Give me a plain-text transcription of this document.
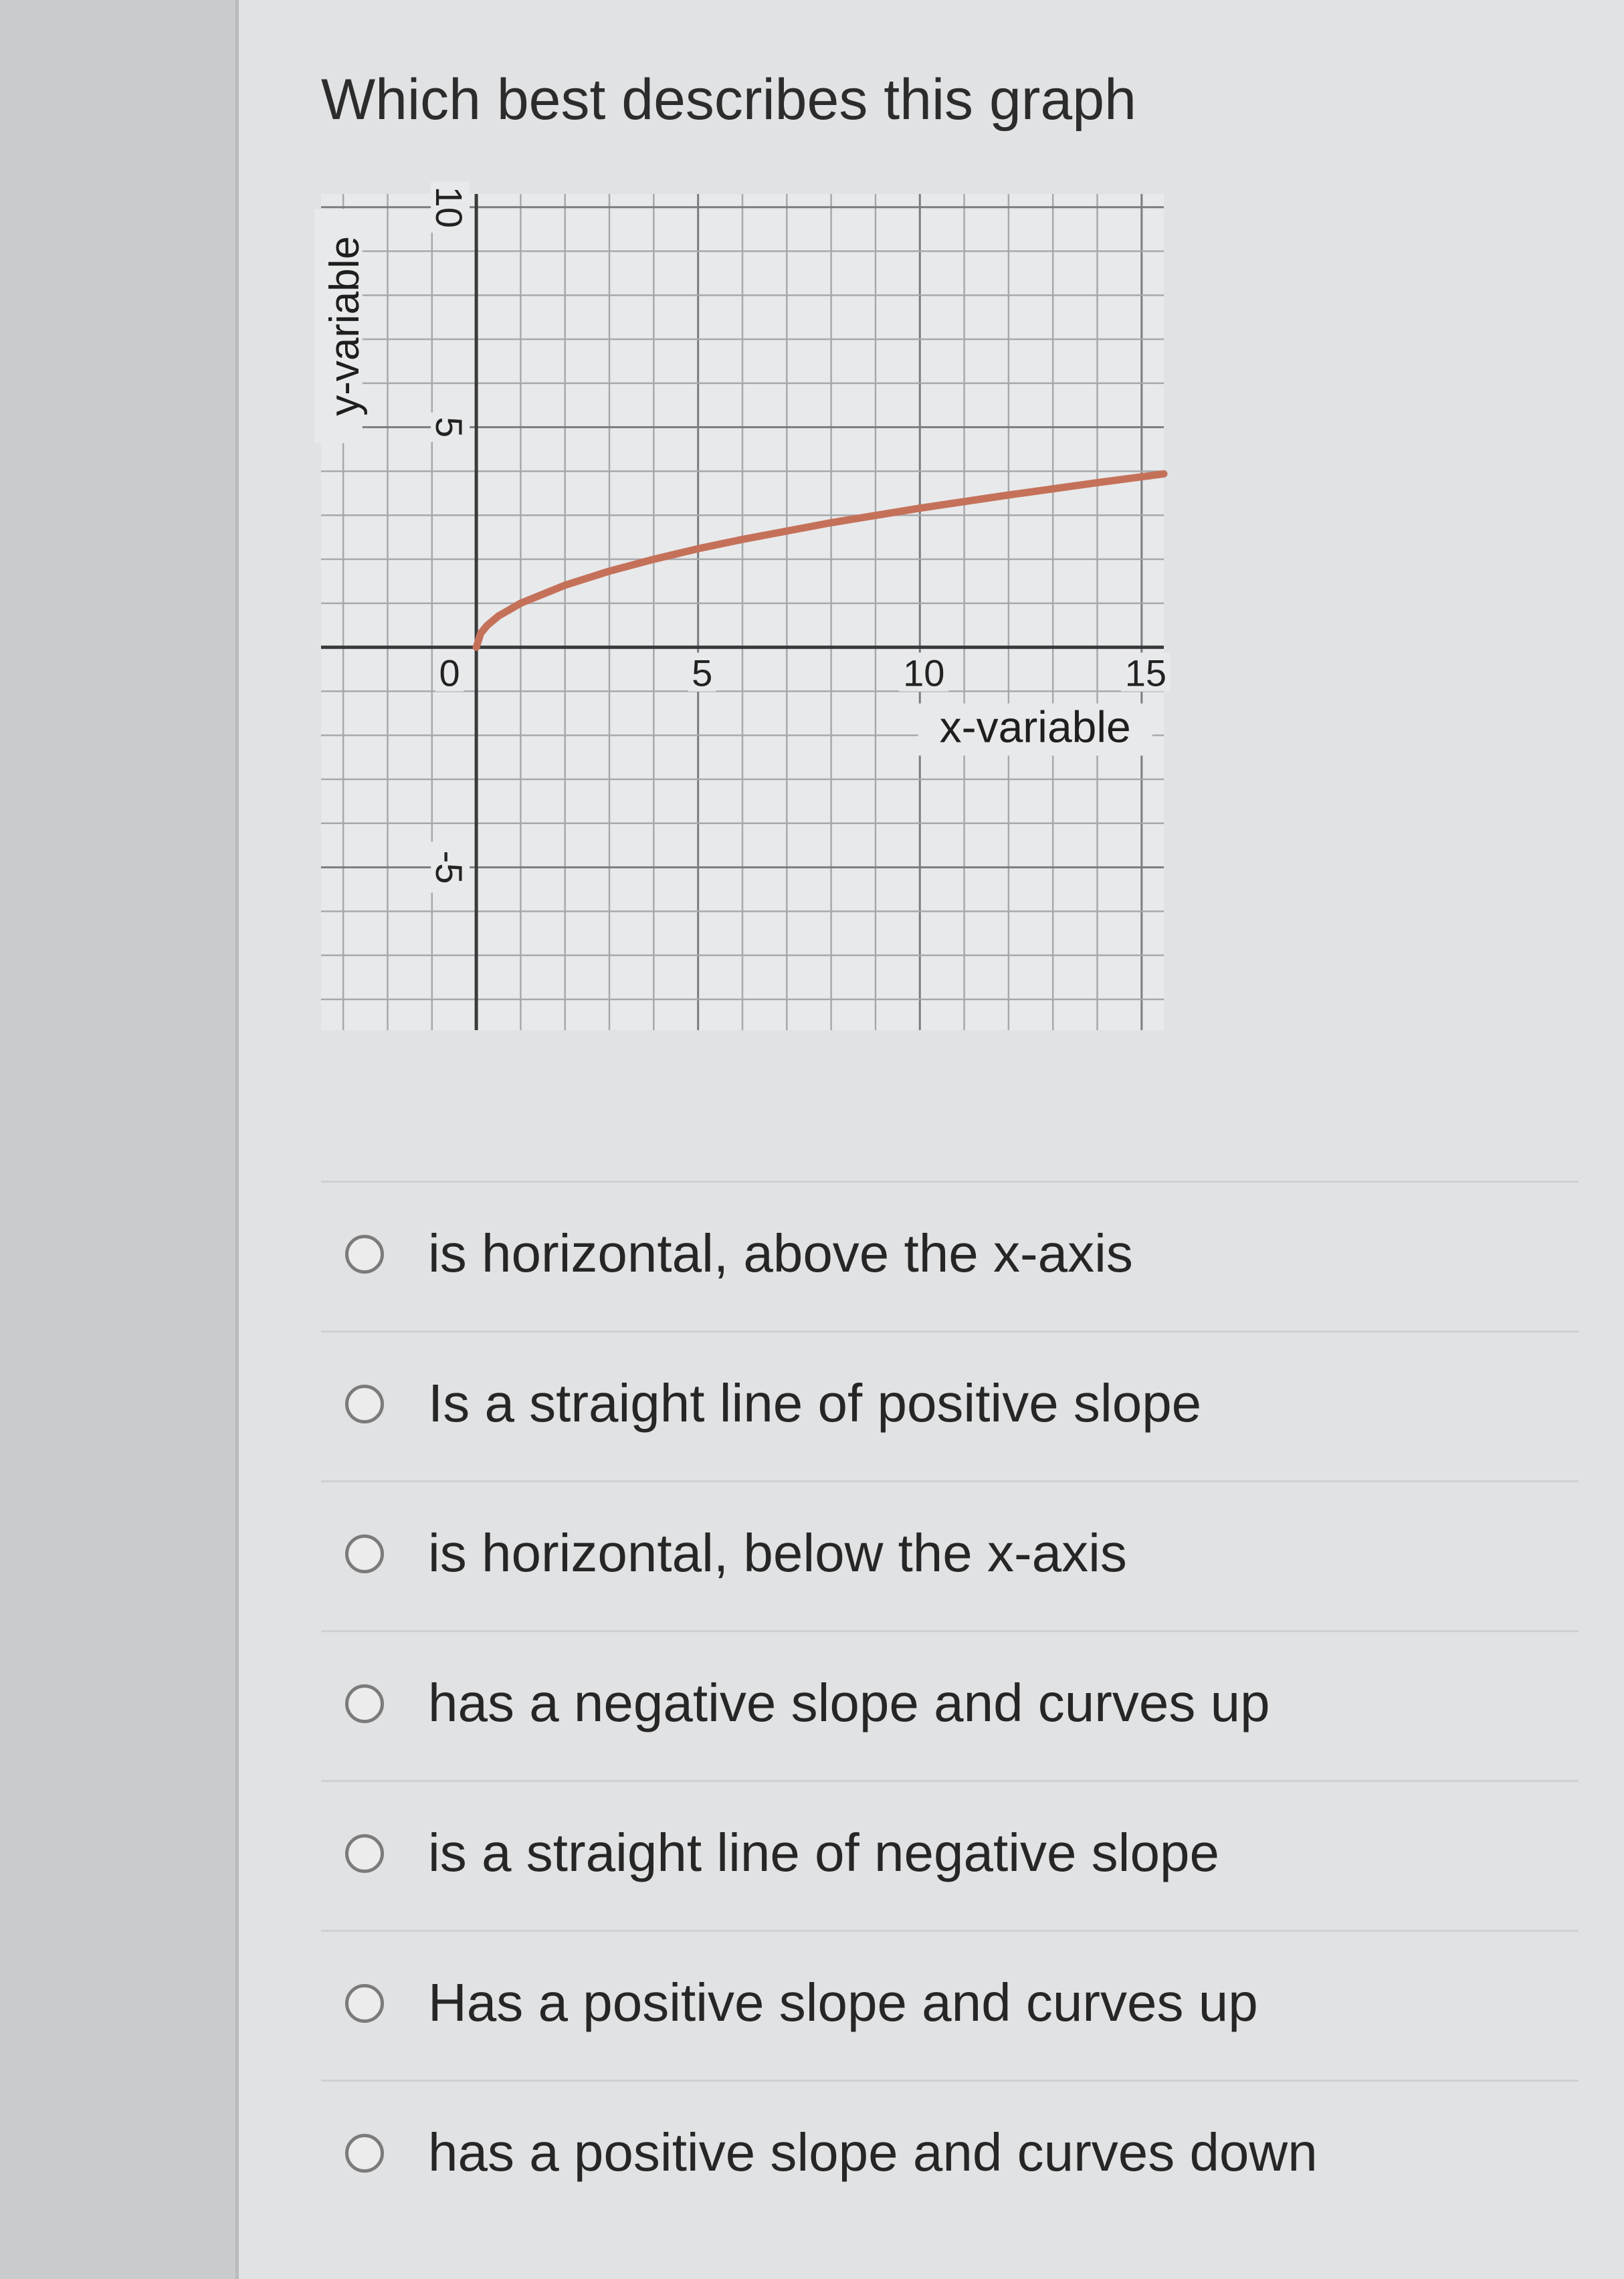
Which best describes this graph
0	5	10	15
-5
5
10
x-variable
y-variable
is horizontal, above the x-axis
Is a straight line of positive slope
is horizontal, below the x-axis
has a negative slope and curves up
is a straight line of negative slope
Has a positive slope and curves up
has a positive slope and curves down
